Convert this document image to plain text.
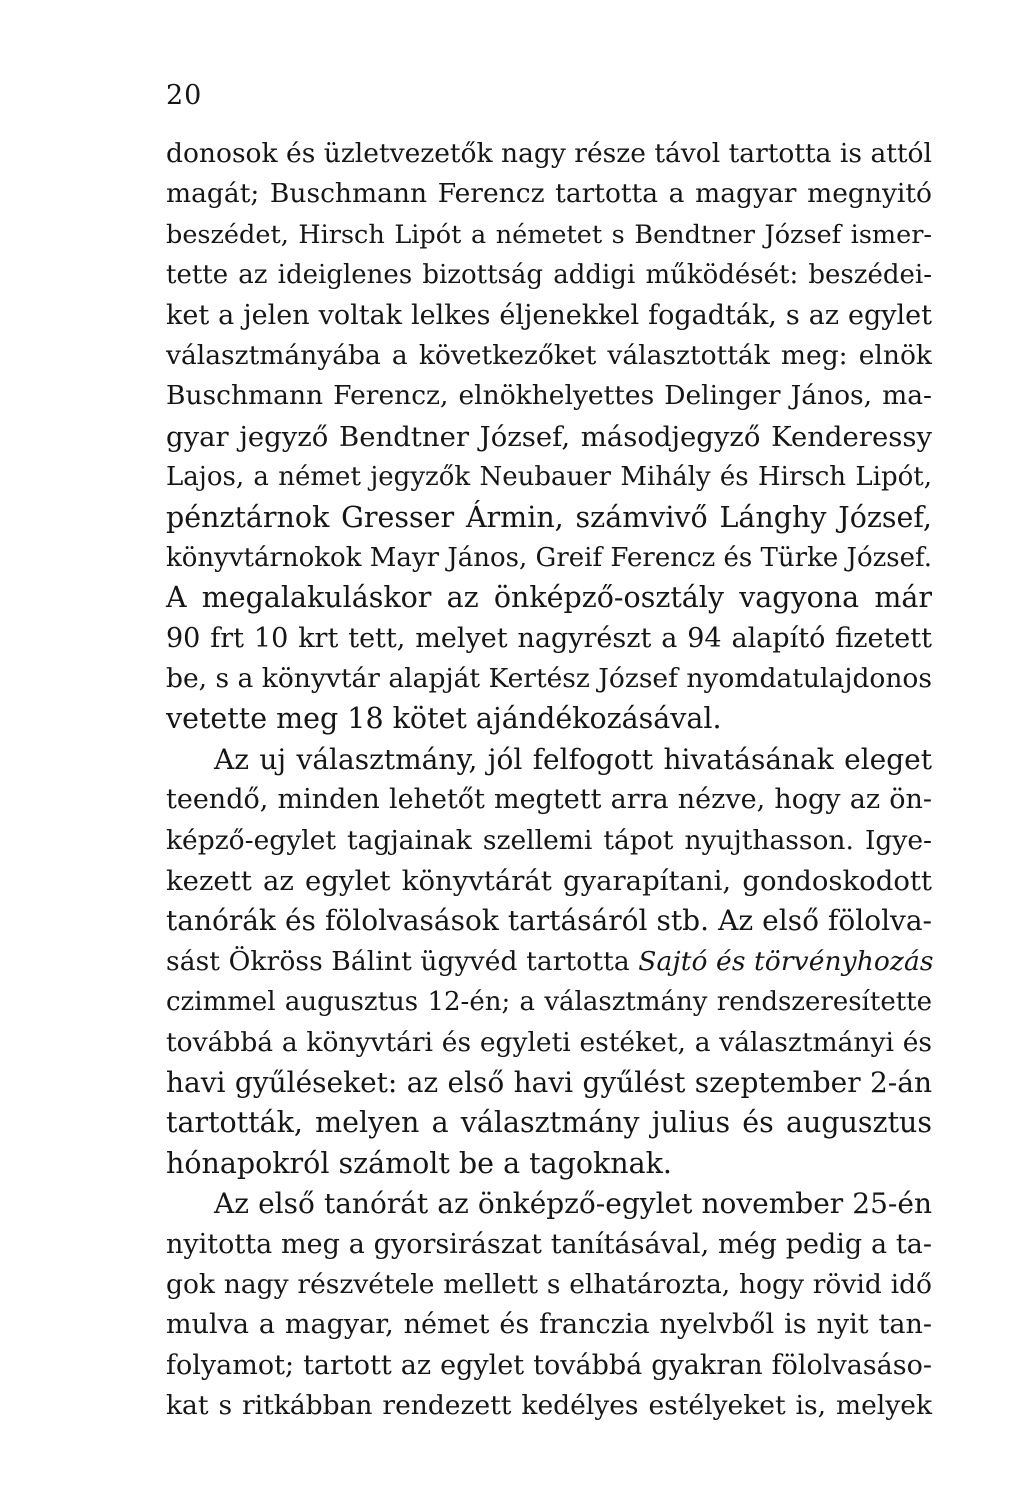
20
donosok és üzletvezetők nagy része távol tartotta is attól
magát; Buschmann Ferencz tartotta a magyar megnyitó
beszédet, Hirsch Lipót a németet s Bendtner József ismer-
tette az ideiglenes bizottság addigi működését: beszédei-
ket a jelen voltak lelkes éljenekkel fogadták, s az egylet
választmányába a következőket választották meg: elnök
Buschmann Ferencz, elnökhelyettes Delinger János, ma-
gyar jegyző Bendtner József, másodjegyző Kenderessy
Lajos, a német jegyzők Neubauer Mihály és Hirsch Lipót,
pénztárnok Gresser Ármin, számvivő Lánghy József,
könyvtárnokok Mayr János, Greif Ferencz és Türke József.
A megalakuláskor az önképző-osztály vagyona már
90 frt 10 krt tett, melyet nagyrészt a 94 alapító fizetett
be, s a könyvtár alapját Kertész József nyomdatulajdonos
vetette meg 18 kötet ajándékozásával.
Az uj választmány, jól felfogott hivatásának eleget
teendő, minden lehetőt megtett arra nézve, hogy az ön-
képző-egylet tagjainak szellemi tápot nyujthasson. Igye-
kezett az egylet könyvtárát gyarapítani, gondoskodott
tanórák és fölolvasások tartásáról stb. Az első fölolva-
sást Ökröss Bálint ügyvéd tartotta Sajtó és törvényhozás
czimmel augusztus 12-én; a választmány rendszeresítette
továbbá a könyvtári és egyleti estéket, a választmányi és
havi gyűléseket: az első havi gyűlést szeptember 2-án
tartották, melyen a választmány julius és augusztus
hónapokról számolt be a tagoknak.
Az első tanórát az önképző-egylet november 25-én
nyitotta meg a gyorsirászat tanításával, még pedig a ta-
gok nagy részvétele mellett s elhatározta, hogy rövid idő
mulva a magyar, német és franczia nyelvből is nyit tan-
folyamot; tartott az egylet továbbá gyakran fölolvasáso-
kat s ritkábban rendezett kedélyes estélyeket is, melyek
